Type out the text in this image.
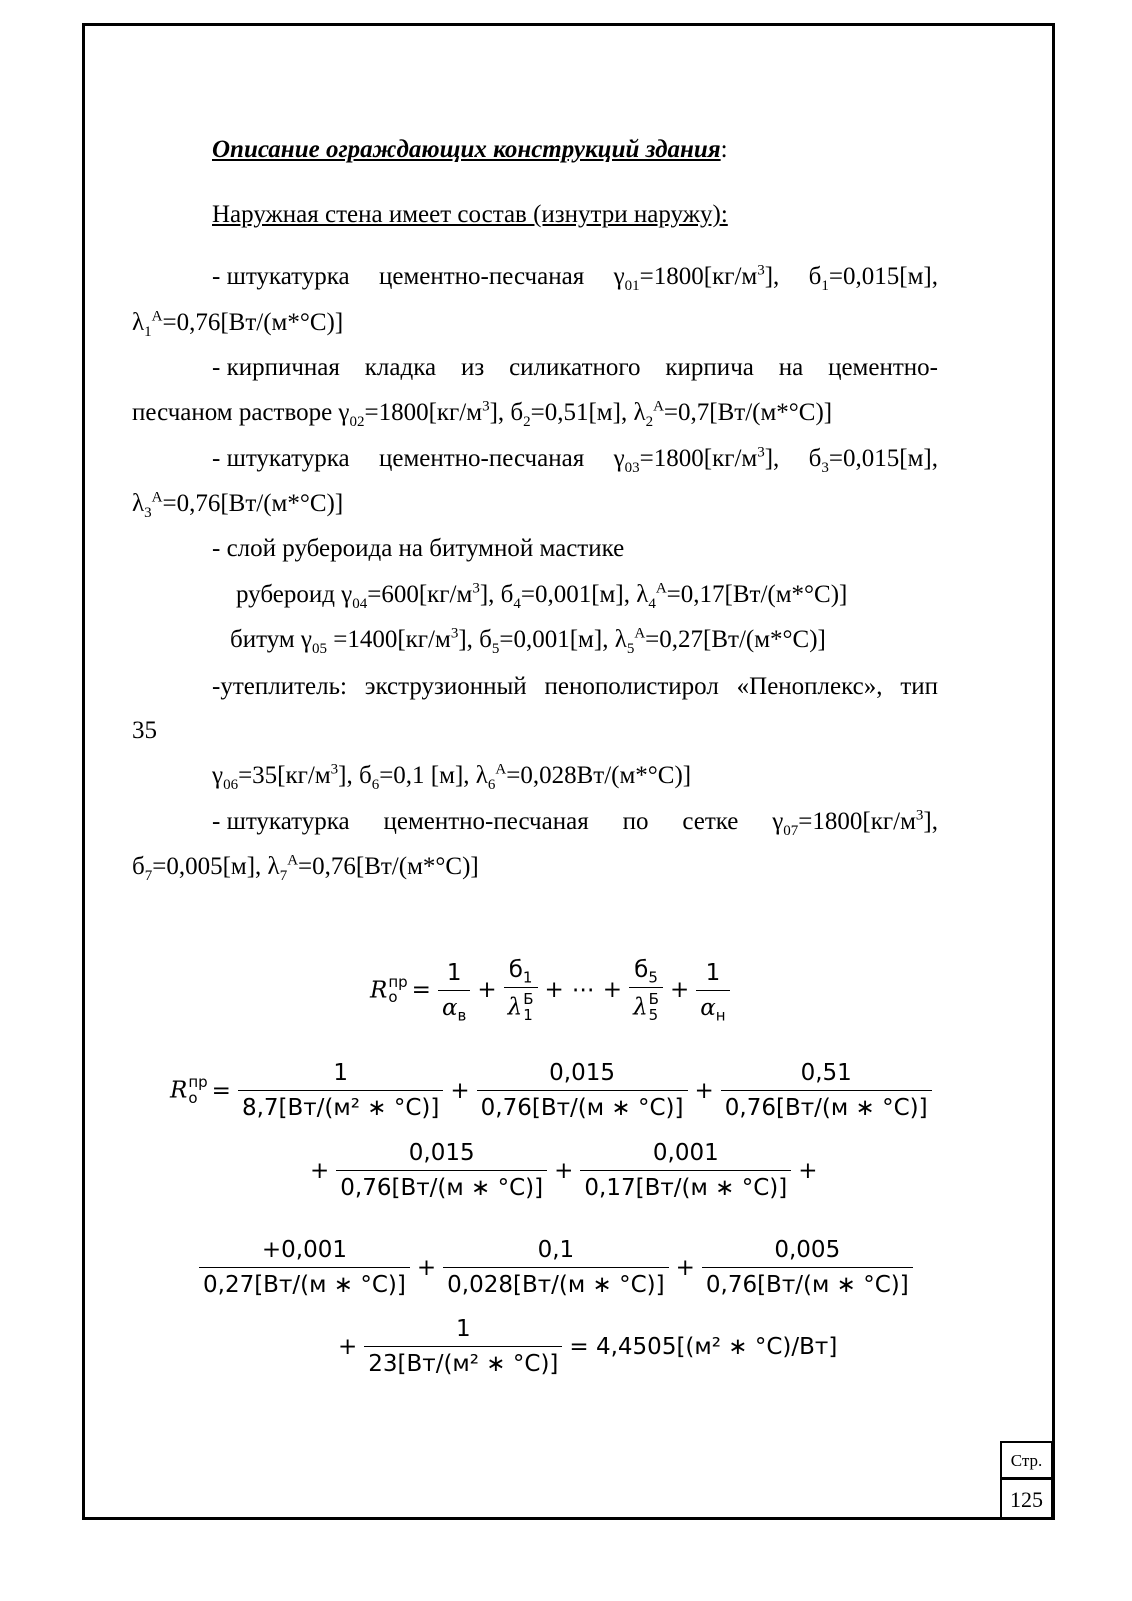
Описание ограждающих конструкций здания:
Наружная стена имеет состав (изнутри наружу):
- штукатурка цементно-песчаная $\gamma_{01}=1800[кг/м^3]$, $б_1=0,015[м]$,
$\lambda_1^А=0,76[Вт/(м*^\circ С)]$
- кирпичная кладка из силикатного кирпича на цементно-
песчаном растворе $\gamma_{02}=1800[кг/м^3]$, $б_2=0,51[м]$, $\lambda_2^А=0,7[Вт/(м*^\circ С)]$
- штукатурка цементно-песчаная $\gamma_{03}=1800[кг/м^3]$, $б_3=0,015[м]$,
$\lambda_3^А=0,76[Вт/(м*^\circ С)]$
- слой рубероида на битумной мастике
рубероид $\gamma_{04}=600[кг/м^3]$, $б_4=0,001[м]$, $\lambda_4^А=0,17[Вт/(м*^\circ С)]$
битум $\gamma_{05} =1400[кг/м^3]$, $б_5=0,001[м]$, $\lambda_5^А=0,27[Вт/(м*^\circ С)]$
-утеплитель: экструзионный пенополистирол «Пеноплекс», тип
35
$\gamma_{06}=35[кг/м^3]$, $б_6=0,1$ [м], $\lambda_6^А=0,028Вт/(м*^\circ С)$]
- штукатурка цементно-песчаная по сетке $\gamma_{07}=1800[кг/м^3]$,
$б_7=0,005[м]$, $\lambda_7^А=0,76[Вт/(м*^\circ С)]$
R пр
$о = \frac{1}{\alpha_в} + б_1$
λ Б
1 + ⋯ + $б_5$
λ Б
$5 + \frac{1}{\alpha_н}$
R пр
$о = \frac{1}{\text{8,7[Вт/(м² ∗ °С)]}} + \frac{0,015}{0,76[Вт/(м ∗ ^\circ С)]} + \frac{0,51}{0,76[Вт/(м ∗ ^\circ С)]}$
+ $\frac{0,015}{0,76[Вт/(м ∗ ^\circ С)]} + \frac{0,001}{0,17[Вт/(м ∗ ^\circ С)]}$ +
$\frac{+0,001}{0,27[Вт/(м ∗ ^\circ С)]} + \frac{0,1}{0,028[Вт/(м ∗ ^\circ С)]} + \frac{0,005}{0,76[Вт/(м ∗ ^\circ С)]}$
+ $\frac{1}{\text{23[Вт/(м² ∗ °С)]}} = 4,4505[(м^2$ ∗ °С)/Вт]
Стр.
125
